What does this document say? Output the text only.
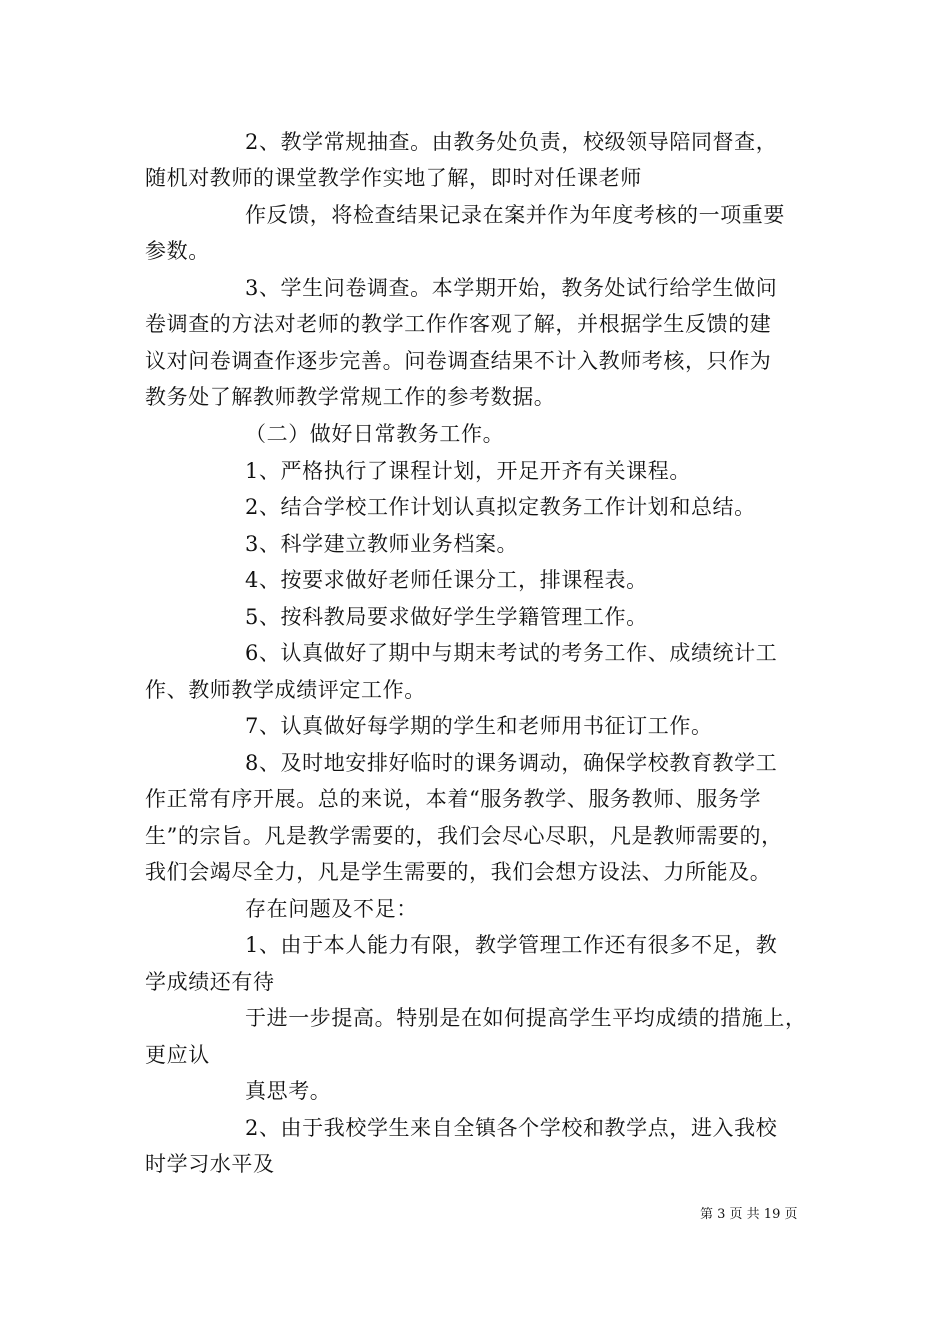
2、教学常规抽查。由教务处负责，校级领导陪同督查，
随机对教师的课堂教学作实地了解，即时对任课老师
作反馈，将检查结果记录在案并作为年度考核的一项重要
参数。
3、学生问卷调查。本学期开始，教务处试行给学生做问
卷调查的方法对老师的教学工作作客观了解，并根据学生反馈的建
议对问卷调查作逐步完善。问卷调查结果不计入教师考核，只作为
教务处了解教师教学常规工作的参考数据。
（二）做好日常教务工作。
1、严格执行了课程计划，开足开齐有关课程。
2、结合学校工作计划认真拟定教务工作计划和总结。
3、科学建立教师业务档案。
4、按要求做好老师任课分工，排课程表。
5、按科教局要求做好学生学籍管理工作。
6、认真做好了期中与期末考试的考务工作、成绩统计工
作、教师教学成绩评定工作。
7、认真做好每学期的学生和老师用书征订工作。
8、及时地安排好临时的课务调动，确保学校教育教学工
作正常有序开展。总的来说，本着“服务教学、服务教师、服务学
生”的宗旨。凡是教学需要的，我们会尽心尽职，凡是教师需要的，
我们会竭尽全力，凡是学生需要的，我们会想方设法、力所能及。
存在问题及不足：
1、由于本人能力有限，教学管理工作还有很多不足，教
学成绩还有待
于进一步提高。特别是在如何提高学生平均成绩的措施上，
更应认
真思考。
2、由于我校学生来自全镇各个学校和教学点，进入我校
时学习水平及
第 3 页 共 19 页
